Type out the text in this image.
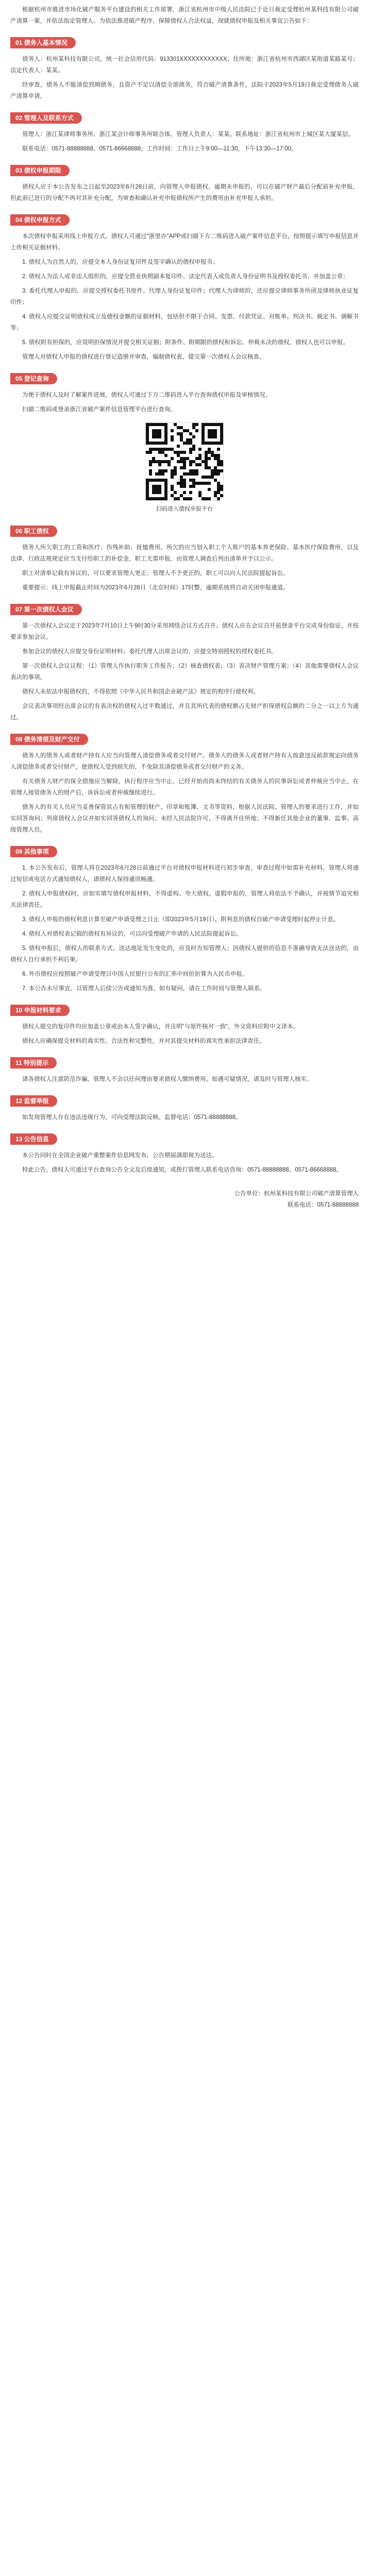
根据杭州市推进市场化破产服务平台建设的相关工作部署，浙江省杭州市中级人民法院已于近日裁定受理杭州某科技有限公司破产清算一案，并依法指定管理人。为依法推进破产程序，保障债权人合法权益，现就债权申报及相关事宜公告如下：

01 债务人基本情况

债务人：杭州某科技有限公司，统一社会信用代码：913301XXXXXXXXXXXX；住所地：浙江省杭州市西湖区某街道某路某号；法定代表人：某某。

经审查，债务人不能清偿到期债务，且资产不足以清偿全部债务，符合破产清算条件。法院于2023年5月19日裁定受理债务人破产清算申请。

02 管理人及联系方式

管理人：浙江某律师事务所、浙江某会计师事务所联合体。管理人负责人：某某。联系地址：浙江省杭州市上城区某大厦某层。

联系电话：0571-88888888、0571-86668888；工作时间：工作日上午9:00—11:30，下午13:30—17:00。

03 债权申报期限

债权人应于本公告发布之日起至2023年6月28日前，向管理人申报债权。逾期未申报的，可以在破产财产最后分配前补充申报，但此前已进行的分配不再对其补充分配，为审查和确认补充申报债权所产生的费用由补充申报人承担。

04 债权申报方式

本次债权申报采用线上申报方式。债权人可通过"浙里办"APP或扫描下方二维码进入破产案件信息平台，按照提示填写申报信息并上传相关证据材料。

1. 债权人为自然人的，应提交本人身份证复印件及签字确认的债权申报书；

2. 债权人为法人或非法人组织的，应提交营业执照副本复印件、法定代表人或负责人身份证明书及授权委托书，并加盖公章；

3. 委托代理人申报的，应提交授权委托书原件、代理人身份证复印件；代理人为律师的，还应提交律师事务所函及律师执业证复印件；

4. 债权人应提交证明债权成立及债权金额的证据材料，包括但不限于合同、发票、付款凭证、对账单、判决书、裁定书、调解书等；

5. 债权附有担保的，应说明担保情况并提交相关证据；附条件、附期限的债权和诉讼、仲裁未决的债权，债权人也可以申报。

管理人对债权人申报的债权进行登记造册并审查，编制债权表，提交第一次债权人会议核查。

05 登记查询

为便于债权人及时了解案件进展，债权人可通过下方二维码进入平台查询债权申报及审核情况。

扫描二维码或登录浙江省破产案件信息管理平台进行查询。

扫码进入债权申报平台

06 职工债权

债务人所欠职工的工资和医疗、伤残补助、抚恤费用，所欠的应当划入职工个人账户的基本养老保险、基本医疗保险费用，以及法律、行政法规规定应当支付给职工的补偿金，职工无需申报，由管理人调查后列出清单并予以公示。

职工对清单记载有异议的，可以要求管理人更正；管理人不予更正的，职工可以向人民法院提起诉讼。

重要提示：线上申报截止时间为2023年6月28日（北京时间）17时整，逾期系统将自动关闭申报通道。

07 第一次债权人会议

第一次债权人会议定于2023年7月10日上午9时30分采用网络会议方式召开。债权人应在会议召开前登录平台完成身份验证，并按要求参加会议。

参加会议的债权人应提交身份证明材料；委托代理人出席会议的，应提交特别授权的授权委托书。

第一次债权人会议议程：（1）管理人作执行职务工作报告；（2）核查债权表；（3）表决财产管理方案；（4）其他需要债权人会议表决的事项。

债权人未依法申报债权的，不得依照《中华人民共和国企业破产法》规定的程序行使权利。

会议表决事项经出席会议的有表决权的债权人过半数通过，并且其所代表的债权额占无财产担保债权总额的二分之一以上方为通过。

08 债务清偿及财产交付

债务人的债务人或者财产持有人应当向管理人清偿债务或者交付财产。债务人的债务人或者财产持有人故意违反前款规定向债务人清偿债务或者交付财产，使债权人受到损失的，不免除其清偿债务或者交付财产的义务。

有关债务人财产的保全措施应当解除，执行程序应当中止。已经开始而尚未终结的有关债务人的民事诉讼或者仲裁应当中止，在管理人接管债务人的财产后，该诉讼或者仲裁继续进行。

债务人的有关人员应当妥善保管其占有和管理的财产、印章和账簿、文书等资料，根据人民法院、管理人的要求进行工作，并如实回答询问；列席债权人会议并如实回答债权人的询问；未经人民法院许可，不得离开住所地；不得新任其他企业的董事、监事、高级管理人员。

09 其他事项

1. 本公告发布后，管理人将在2023年6月28日前通过平台对债权申报材料进行初步审查，审查过程中如需补充材料，管理人将通过短信或电话方式通知债权人，请债权人保持通讯畅通。

2. 债权人申报债权时，应如实填写债权申报材料，不得虚构、夸大债权。虚假申报的，管理人将依法不予确认，并视情节追究相关法律责任。

3. 债权人申报的债权利息计算至破产申请受理之日止（即2023年5月19日），附利息的债权自破产申请受理时起停止计息。

4. 债权人对债权表记载的债权有异议的，可以向受理破产申请的人民法院提起诉讼。

5. 债权申报后，债权人的联系方式、送达地址发生变化的，应及时告知管理人；因债权人提供的信息不准确导致无法送达的，由债权人自行承担不利后果。

6. 外币债权应按照破产申请受理日中国人民银行公布的汇率中间价折算为人民币申报。

7. 本公告未尽事宜，以管理人后续公告或通知为准。如有疑问，请在工作时间与管理人联系。

10 申报材料要求

债权人提交的复印件均应加盖公章或由本人签字确认，并注明"与原件核对一致"。外文资料应附中文译本。

债权人应确保提交材料的真实性、合法性和完整性，并对其提交材料的真实性承担法律责任。

11 特别提示

请各债权人注意防范诈骗，管理人不会以任何理由要求债权人缴纳费用。如遇可疑情况，请及时与管理人核实。

12 监督举报

如发现管理人存在违法违规行为，可向受理法院反映。监督电话：0571-88888888。

13 公告信息

本公告同时在全国企业破产重整案件信息网发布，公告期届满即视为送达。

特此公告。债权人可通过平台查询公告全文及后续通知，或拨打管理人联系电话咨询：0571-88888888、0571-86668888。

公告单位：杭州某科技有限公司破产清算管理人
联系电话：0571-88888888
